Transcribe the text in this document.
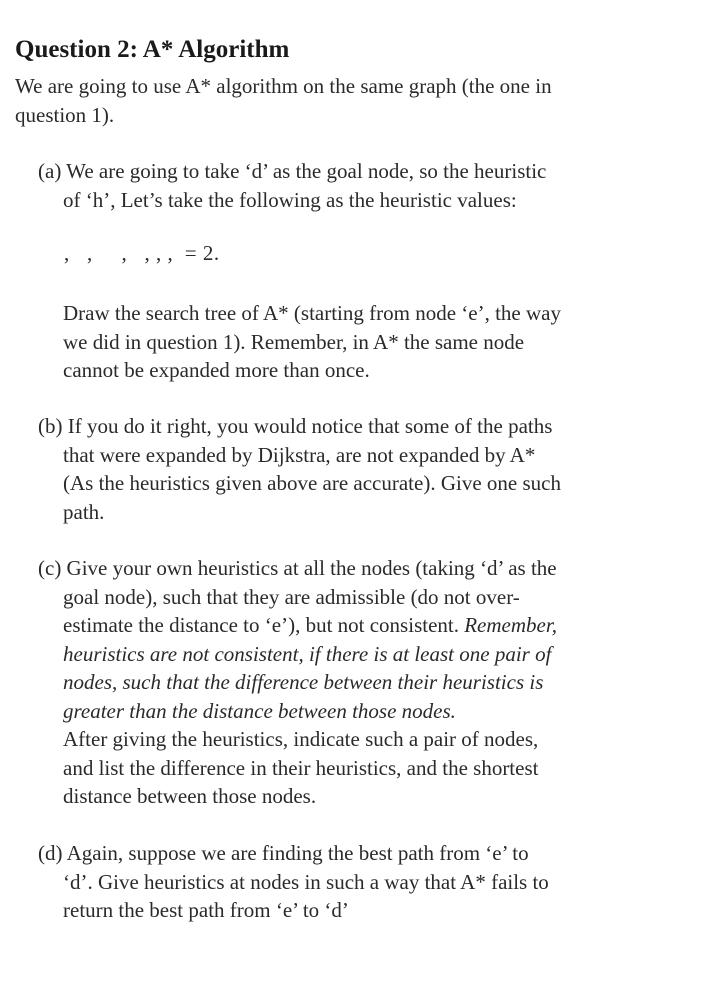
Question 2: A* Algorithm
We are going to use A* algorithm on the same graph (the one in
question 1).
(a) We are going to take ‘d’ as the goal node, so the heuristic
of ‘h’, Let’s take the following as the heuristic values:
,   ,     ,   , , ,  = 2.
Draw the search tree of A* (starting from node ‘e’, the way
we did in question 1). Remember, in A* the same node
cannot be expanded more than once.
(b) If you do it right, you would notice that some of the paths
that were expanded by Dijkstra, are not expanded by A*
(As the heuristics given above are accurate). Give one such
path.
(c) Give your own heuristics at all the nodes (taking ‘d’ as the
goal node), such that they are admissible (do not over-
estimate the distance to ‘e’), but not consistent. Remember,
heuristics are not consistent, if there is at least one pair of
nodes, such that the difference between their heuristics is
greater than the distance between those nodes.
After giving the heuristics, indicate such a pair of nodes,
and list the difference in their heuristics, and the shortest
distance between those nodes.
(d) Again, suppose we are finding the best path from ‘e’ to
‘d’. Give heuristics at nodes in such a way that A* fails to
return the best path from ‘e’ to ‘d’
